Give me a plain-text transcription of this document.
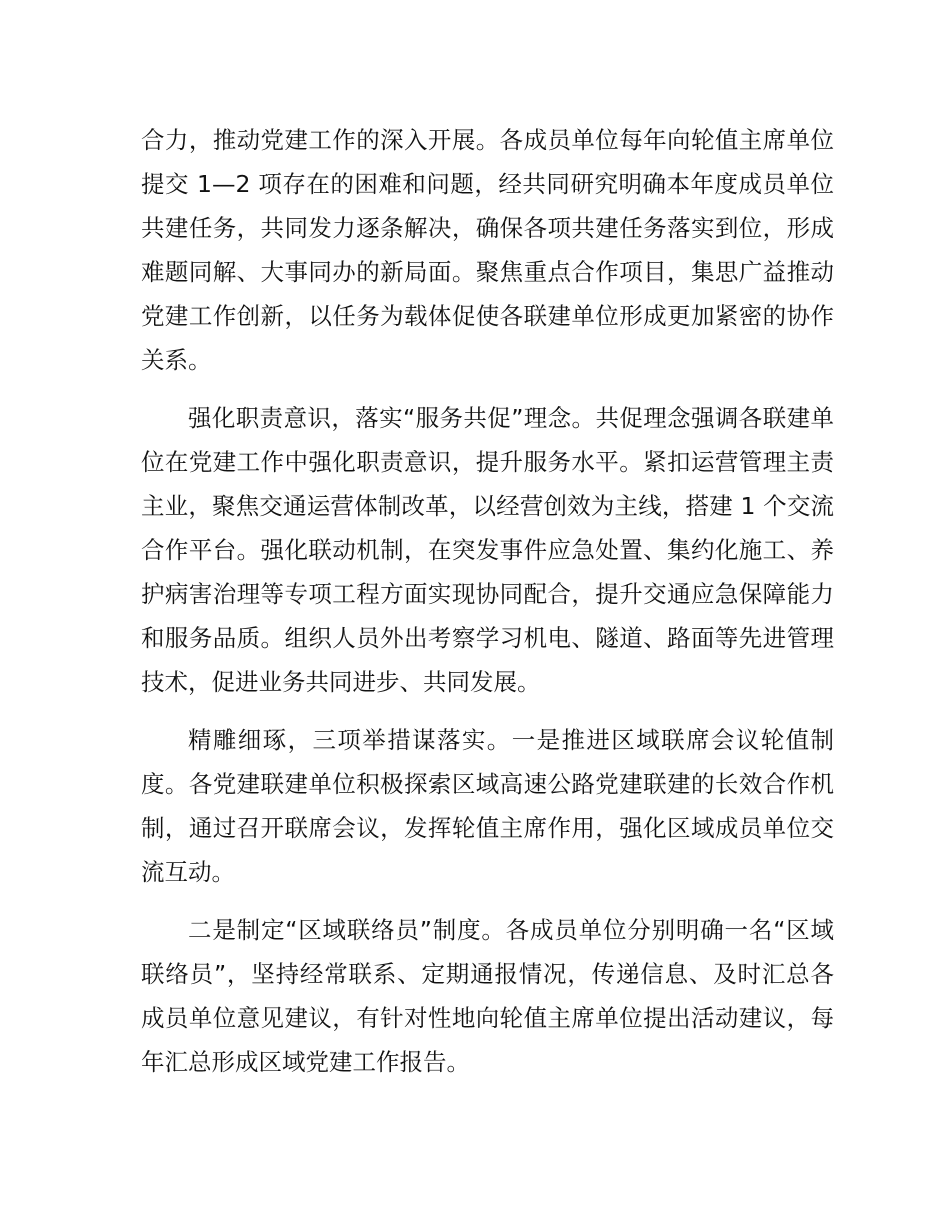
合力，推动党建工作的深入开展。各成员单位每年向轮值主席单位提交 1—2 项存在的困难和问题，经共同研究明确本年度成员单位共建任务，共同发力逐条解决，确保各项共建任务落实到位，形成难题同解、大事同办的新局面。聚焦重点合作项目，集思广益推动党建工作创新，以任务为载体促使各联建单位形成更加紧密的协作关系。

强化职责意识，落实“服务共促”理念。共促理念强调各联建单位在党建工作中强化职责意识，提升服务水平。紧扣运营管理主责主业，聚焦交通运营体制改革，以经营创效为主线，搭建 1 个交流合作平台。强化联动机制，在突发事件应急处置、集约化施工、养护病害治理等专项工程方面实现协同配合，提升交通应急保障能力和服务品质。组织人员外出考察学习机电、隧道、路面等先进管理技术，促进业务共同进步、共同发展。

精雕细琢，三项举措谋落实。一是推进区域联席会议轮值制度。各党建联建单位积极探索区域高速公路党建联建的长效合作机制，通过召开联席会议，发挥轮值主席作用，强化区域成员单位交流互动。

二是制定“区域联络员”制度。各成员单位分别明确一名“区域联络员”，坚持经常联系、定期通报情况，传递信息、及时汇总各成员单位意见建议，有针对性地向轮值主席单位提出活动建议，每年汇总形成区域党建工作报告。
